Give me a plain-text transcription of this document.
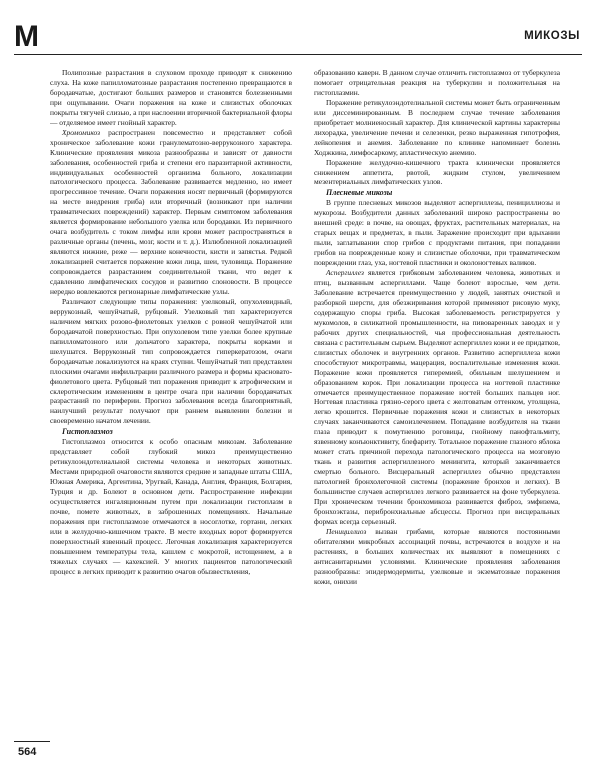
М	МИКОЗЫ

Полипозные разрастания в слуховом проходе приводят к снижению слуха. На коже папилломатозные разрастания постепенно превращаются в бородавчатые, достигают больших размеров и становятся болезненными при ощупывании. Очаги поражения на коже и слизистых оболочках покрыты тягучей слизью, а при наслоении вторичной бактериальной флоры — отделяемое имеет гнойный характер.

Хромомикоз распространен повсеместно и представляет собой хроническое заболевание кожи гранулематозно-веррукозного характера. Клинические проявления микоза разнообразны и зависят от давности заболевания, особенностей гриба и степени его паразитарной активности, индивидуальных особенностей организма больного, локализации патологического процесса. Заболевание развивается медленно, но имеет прогрессивное течение. Очаги поражения носят первичный (формируются на месте внедрения гриба) или вторичный (возникают при наличии травматических повреждений) характер. Первым симптомом заболевания является формирование небольшого узелка или бородавки. Из первичного очага возбудитель с током лимфы или крови может распространяться в различные органы (печень, мозг, кости и т. д.). Излюбленной локализацией являются нижние, реже — верхние конечности, кисти и запястья. Редкой локализацией считается поражение кожи лица, шеи, туловища. Поражение сопровождается разрастанием соединительной ткани, что ведет к сдавлению лимфатических сосудов и развитию слоновости. В процессе нередко вовлекаются регионарные лимфатические узлы.

Различают следующие типы поражения: узелковый, опухолевидный, веррукозный, чешуйчатый, рубцовый. Узелковый тип характеризуется наличием мягких розово-фиолетовых узелков с ровной чешуйчатой или бородавчатой поверхностью. При опухолевом типе узелки более крупные папилломатозного или дольчатого характера, покрыты корками и шелушатся. Веррукозный тип сопровождается гиперкератозом, очаги бородавчатые локализуются на краях ступни. Чешуйчатый тип представлен плоскими очагами инфильтрации различного размера и формы красновато-фиолетового цвета. Рубцовый тип поражения приводит к атрофическим и склеротическим изменениям в центре очага при наличии бородавчатых разрастаний по периферии. Прогноз заболевания всегда благоприятный, наилучший результат получают при раннем выявлении болезни и своевременно начатом лечении.

Гистоплазмоз

Гистоплазмоз относится к особо опасным микозам. Заболевание представляет собой глубокий микоз преимущественно ретикулоэндотелиальной системы человека и некоторых животных. Местами природной очаговости являются средние и западные штаты США, Южная Америка, Аргентина, Уругвай, Канада, Англия, Франция, Болгария, Турция и др. Болеют в основном дети. Распространение инфекции осуществляется ингаляционным путем при локализации гистоплазм в почве, помете животных, в заброшенных помещениях. Начальные поражения при гистоплазмозе отмечаются в носоглотке, гортани, легких или в желудочно-кишечном тракте. В месте входных ворот формируется поверхностный язвенный процесс. Легочная локализация характеризуется повышением температуры тела, кашлем с мокротой, истощением, а в тяжелых случаях — кахексией. У многих пациентов патологический процесс в легких приводит к развитию очагов обызвествления,

образованию каверн. В данном случае отличить гистоплазмоз от туберкулеза помогает отрицательная реакция на туберкулин и положительная на гистоплазмин.

Поражение ретикулоэндотелиальной системы может быть ограниченным или диссеминированным. В последнем случае течение заболевания приобретает молниеносный характер. Для клинической картины характерны лихорадка, увеличение печени и селезенки, резко выраженная гипотрофия, лейкопения и анемия. Заболевание по клинике напоминает болезнь Ходжкина, лимфосаркому, апластическую анемию.

Поражение желудочно-кишечного тракта клинически проявляется снижением аппетита, рвотой, жидким стулом, увеличением мезентериальных лимфатических узлов.

Плесневые микозы

В группе плесневых микозов выделяют аспергиллезы, пенициллиозы и мукорозы. Возбудители данных заболеваний широко распространены во внешней среде: в почве, на овощах, фруктах, растительных материалах, на старых вещах и предметах, в пыли. Заражение происходит при вдыхании пыли, заглатывании спор грибов с продуктами питания, при попадании грибов на поврежденные кожу и слизистые оболочки, при травматическом повреждении глаз, уха, ногтевой пластинки и околоногтевых валиков.

Аспергиллез является грибковым заболеванием человека, животных и птиц, вызванным аспергиллами. Чаще болеют взрослые, чем дети. Заболевание встречается преимущественно у людей, занятых очисткой и разборкой шерсти, для обезжиривания которой применяют рисовую муку, содержащую споры гриба. Высокая заболеваемость регистрируется у мукомолов, в силикатной промышленности, на пивоваренных заводах и у рабочих других специальностей, чья профессиональная деятельность связана с растительным сырьем. Выделяют аспергиллез кожи и ее придатков, слизистых оболочек и внутренних органов. Развитию аспергиллеза кожи способствуют микротравмы, мацерация, воспалительные изменения кожи. Поражение кожи проявляется гиперемией, обильным шелушением и образованием корок. При локализации процесса на ногтевой пластинке отмечается преимущественное поражение ногтей больших пальцев ног. Ногтевая пластинка грязно-серого цвета с желтоватым оттенком, утолщена, легко крошится. Первичные поражения кожи и слизистых в некоторых случаях заканчиваются самоизлечением. Попадание возбудителя на ткани глаза приводит к помутнению роговицы, гнойному панофтальмиту, язвенному конъюнктивиту, блефариту. Тотальное поражение глазного яблока может стать причиной перехода патологического процесса на мозговую ткань и развития аспергиллезного менингита, который заканчивается смертью больного. Висцеральный аспергиллез обычно представлен патологией бронхолегочной системы (поражение бронхов и легких). В большинстве случаев аспергиллез легкого развивается на фоне туберкулеза. При хроническом течении бронхомикоза развивается фиброз, эмфизема, бронхоэктазы, перибронхиальные абсцессы. Прогноз при висцеральных формах всегда серьезный.

Пенициллиоз вызван грибами, которые являются постоянными обитателями микробных ассоциаций почвы, встречаются в воздухе и на растениях, в больших количествах их выявляют в помещениях с антисанитарными условиями. Клинические проявления заболевания разнообразны: эпидермодермиты, узелковые и экзематозные поражения кожи, онихии

564
